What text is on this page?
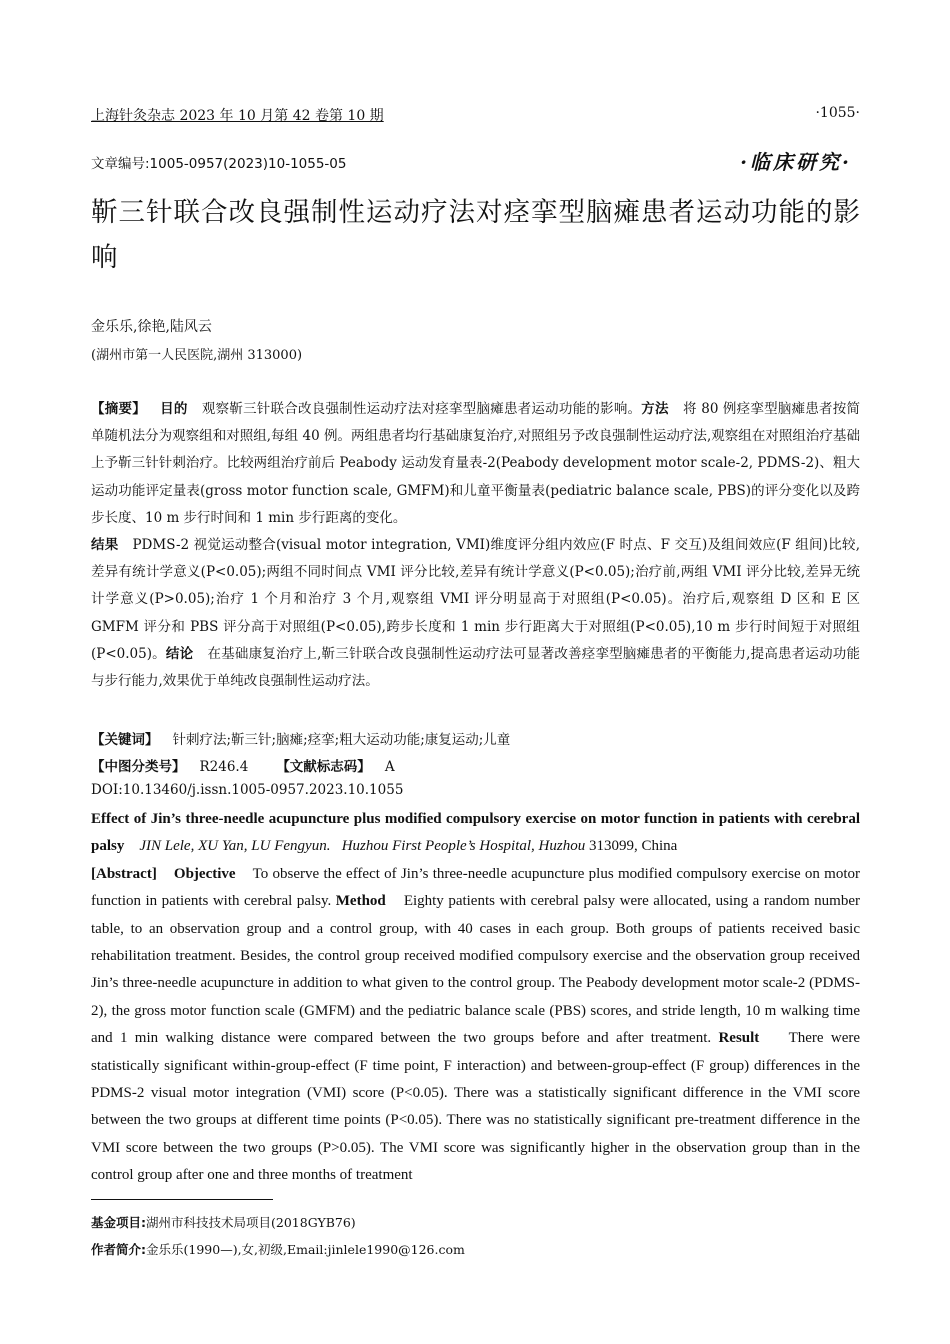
上海针灸杂志 2023 年 10 月第 42 卷第 10 期	·1055·
文章编号:1005-0957(2023)10-1055-05	·临床研究·
靳三针联合改良强制性运动疗法对痉挛型脑瘫患者运动功能的影响
金乐乐,徐艳,陆风云
(湖州市第一人民医院,湖州 313000)
【摘要】 目的 观察靳三针联合改良强制性运动疗法对痉挛型脑瘫患者运动功能的影响。方法 将 80 例痉挛型脑瘫患者按简单随机法分为观察组和对照组,每组 40 例。两组患者均行基础康复治疗,对照组另予改良强制性运动疗法,观察组在对照组治疗基础上予靳三针针刺治疗。比较两组治疗前后 Peabody 运动发育量表-2(Peabody development motor scale-2, PDMS-2)、粗大运动功能评定量表(gross motor function scale, GMFM)和儿童平衡量表(pediatric balance scale, PBS)的评分变化以及跨步长度、10 m 步行时间和 1 min 步行距离的变化。
结果 PDMS-2 视觉运动整合(visual motor integration, VMI)维度评分组内效应(F 时点、F 交互)及组间效应(F 组间)比较,差异有统计学意义(P<0.05);两组不同时间点 VMI 评分比较,差异有统计学意义(P<0.05);治疗前,两组 VMI 评分比较,差异无统计学意义(P>0.05);治疗 1 个月和治疗 3 个月,观察组 VMI 评分明显高于对照组(P<0.05)。治疗后,观察组 D 区和 E 区 GMFM 评分和 PBS 评分高于对照组(P<0.05),跨步长度和 1 min 步行距离大于对照组(P<0.05),10 m 步行时间短于对照组(P<0.05)。结论 在基础康复治疗上,靳三针联合改良强制性运动疗法可显著改善痉挛型脑瘫患者的平衡能力,提高患者运动功能与步行能力,效果优于单纯改良强制性运动疗法。
【关键词】 针刺疗法;靳三针;脑瘫;痉挛;粗大运动功能;康复运动;儿童
【中图分类号】 R246.4 【文献标志码】 A
DOI:10.13460/j.issn.1005-0957.2023.10.1055
Effect of Jin’s three-needle acupuncture plus modified compulsory exercise on motor function in patients with cerebral palsy JIN Lele, XU Yan, LU Fengyun. Huzhou First People’s Hospital, Huzhou 313099, China
[Abstract] Objective To observe the effect of Jin’s three-needle acupuncture plus modified compulsory exercise on motor function in patients with cerebral palsy. Method Eighty patients with cerebral palsy were allocated, using a random number table, to an observation group and a control group, with 40 cases in each group. Both groups of patients received basic rehabilitation treatment. Besides, the control group received modified compulsory exercise and the observation group received Jin’s three-needle acupuncture in addition to what given to the control group. The Peabody development motor scale-2 (PDMS-2), the gross motor function scale (GMFM) and the pediatric balance scale (PBS) scores, and stride length, 10 m walking time and 1 min walking distance were compared between the two groups before and after treatment. Result There were statistically significant within-group-effect (F time point, F interaction) and between-group-effect (F group) differences in the PDMS-2 visual motor integration (VMI) score (P<0.05). There was a statistically significant difference in the VMI score between the two groups at different time points (P<0.05). There was no statistically significant pre-treatment difference in the VMI score between the two groups (P>0.05). The VMI score was significantly higher in the observation group than in the control group after one and three months of treatment
基金项目:湖州市科技技术局项目(2018GYB76)
作者简介:金乐乐(1990—),女,初级,Email:jinlele1990@126.com
